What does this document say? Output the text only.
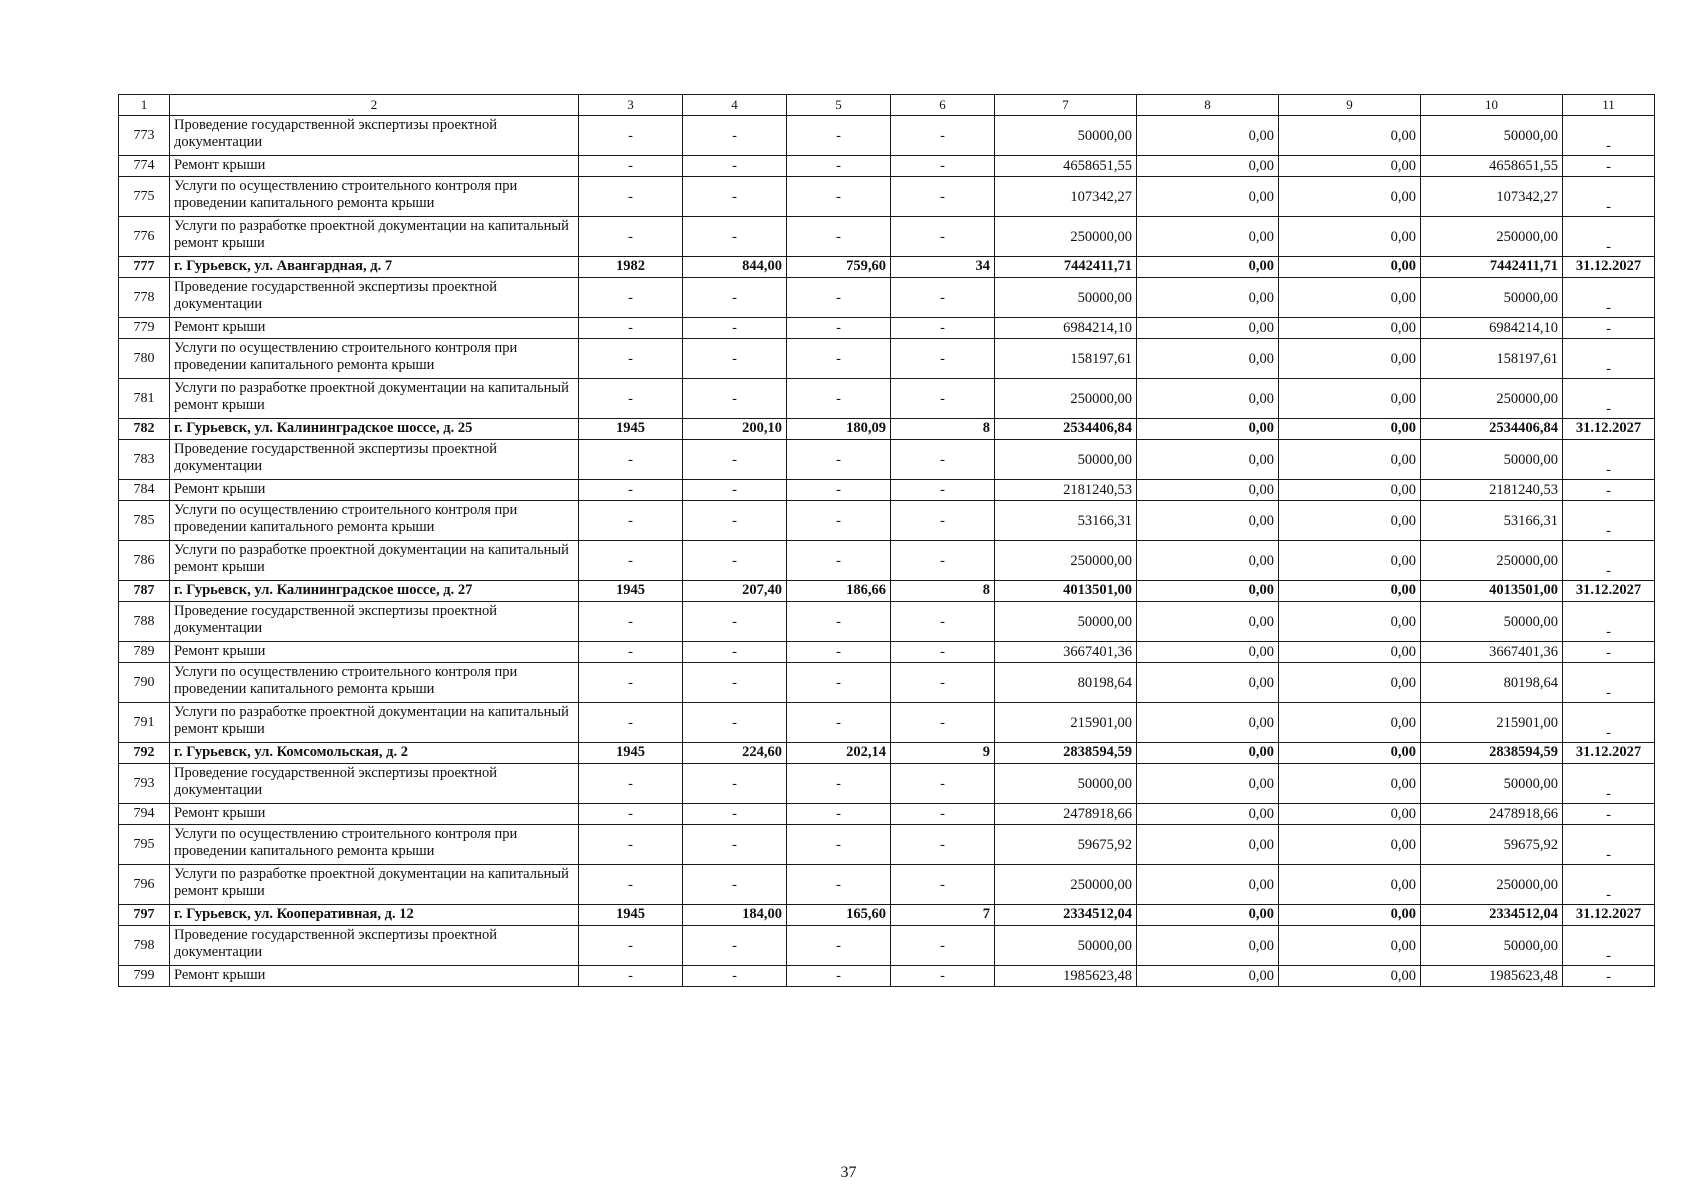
1	2	3	4	5	6	7	8	9	10	11
773	Проведение государственной экспертизы проектной документации	-	-	-	-	50000,00	0,00	0,00	50000,00	-
774	Ремонт крыши	-	-	-	-	4658651,55	0,00	0,00	4658651,55	-
775	Услуги по осуществлению строительного контроля при проведении капитального ремонта крыши	-	-	-	-	107342,27	0,00	0,00	107342,27	-
776	Услуги по разработке проектной документации на капитальный ремонт крыши	-	-	-	-	250000,00	0,00	0,00	250000,00	-
777	г. Гурьевск, ул. Авангардная, д. 7	1982	844,00	759,60	34	7442411,71	0,00	0,00	7442411,71	31.12.2027
778	Проведение государственной экспертизы проектной документации	-	-	-	-	50000,00	0,00	0,00	50000,00	-
779	Ремонт крыши	-	-	-	-	6984214,10	0,00	0,00	6984214,10	-
780	Услуги по осуществлению строительного контроля при проведении капитального ремонта крыши	-	-	-	-	158197,61	0,00	0,00	158197,61	-
781	Услуги по разработке проектной документации на капитальный ремонт крыши	-	-	-	-	250000,00	0,00	0,00	250000,00	-
782	г. Гурьевск, ул. Калининградское шоссе, д. 25	1945	200,10	180,09	8	2534406,84	0,00	0,00	2534406,84	31.12.2027
783	Проведение государственной экспертизы проектной документации	-	-	-	-	50000,00	0,00	0,00	50000,00	-
784	Ремонт крыши	-	-	-	-	2181240,53	0,00	0,00	2181240,53	-
785	Услуги по осуществлению строительного контроля при проведении капитального ремонта крыши	-	-	-	-	53166,31	0,00	0,00	53166,31	-
786	Услуги по разработке проектной документации на капитальный ремонт крыши	-	-	-	-	250000,00	0,00	0,00	250000,00	-
787	г. Гурьевск, ул. Калининградское шоссе, д. 27	1945	207,40	186,66	8	4013501,00	0,00	0,00	4013501,00	31.12.2027
788	Проведение государственной экспертизы проектной документации	-	-	-	-	50000,00	0,00	0,00	50000,00	-
789	Ремонт крыши	-	-	-	-	3667401,36	0,00	0,00	3667401,36	-
790	Услуги по осуществлению строительного контроля при проведении капитального ремонта крыши	-	-	-	-	80198,64	0,00	0,00	80198,64	-
791	Услуги по разработке проектной документации на капитальный ремонт крыши	-	-	-	-	215901,00	0,00	0,00	215901,00	-
792	г. Гурьевск, ул. Комсомольская, д. 2	1945	224,60	202,14	9	2838594,59	0,00	0,00	2838594,59	31.12.2027
793	Проведение государственной экспертизы проектной документации	-	-	-	-	50000,00	0,00	0,00	50000,00	-
794	Ремонт крыши	-	-	-	-	2478918,66	0,00	0,00	2478918,66	-
795	Услуги по осуществлению строительного контроля при проведении капитального ремонта крыши	-	-	-	-	59675,92	0,00	0,00	59675,92	-
796	Услуги по разработке проектной документации на капитальный ремонт крыши	-	-	-	-	250000,00	0,00	0,00	250000,00	-
797	г. Гурьевск, ул. Кооперативная, д. 12	1945	184,00	165,60	7	2334512,04	0,00	0,00	2334512,04	31.12.2027
798	Проведение государственной экспертизы проектной документации	-	-	-	-	50000,00	0,00	0,00	50000,00	-
799	Ремонт крыши	-	-	-	-	1985623,48	0,00	0,00	1985623,48	-
37
